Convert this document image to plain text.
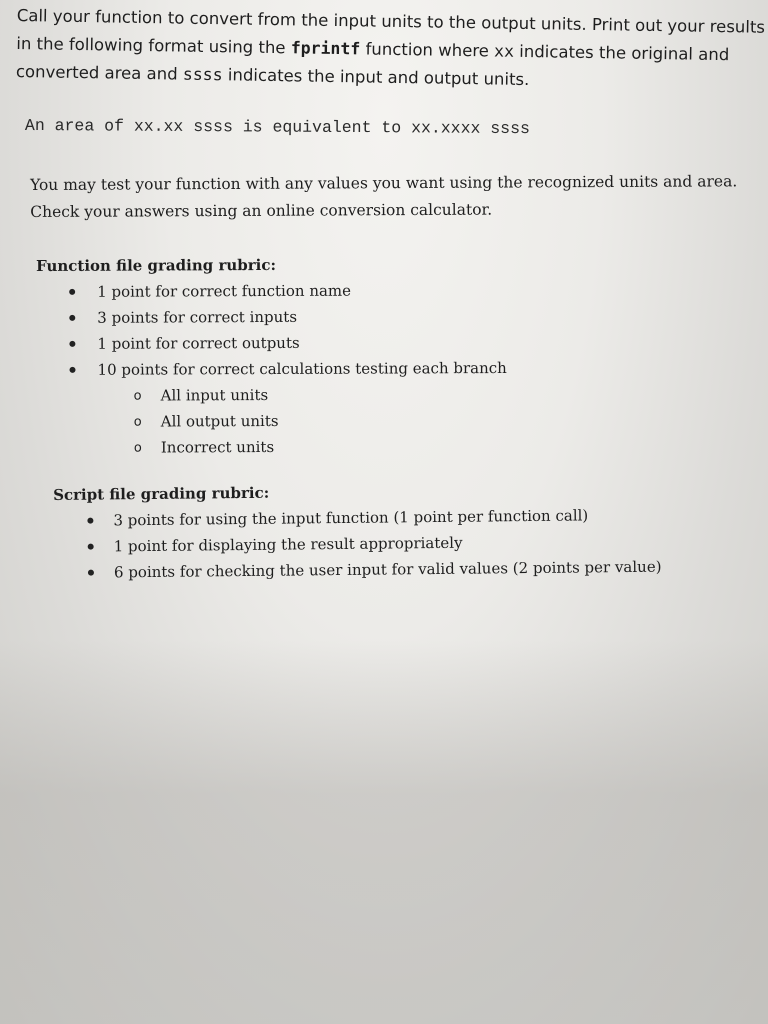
Call your function to convert from the input units to the output units. Print out your results
in the following format using the fprintf function where xx indicates the original and
converted area and ssss indicates the input and output units.
An area of xx.xx ssss is equivalent to xx.xxxx ssss
You may test your function with any values you want using the recognized units and area.
Check your answers using an online conversion calculator.
Function file grading rubric:
1 point for correct function name
3 points for correct inputs
1 point for correct outputs
10 points for correct calculations testing each branch
o All input units
o All output units
o Incorrect units
Script file grading rubric:
3 points for using the input function (1 point per function call)
1 point for displaying the result appropriately
6 points for checking the user input for valid values (2 points per value)
